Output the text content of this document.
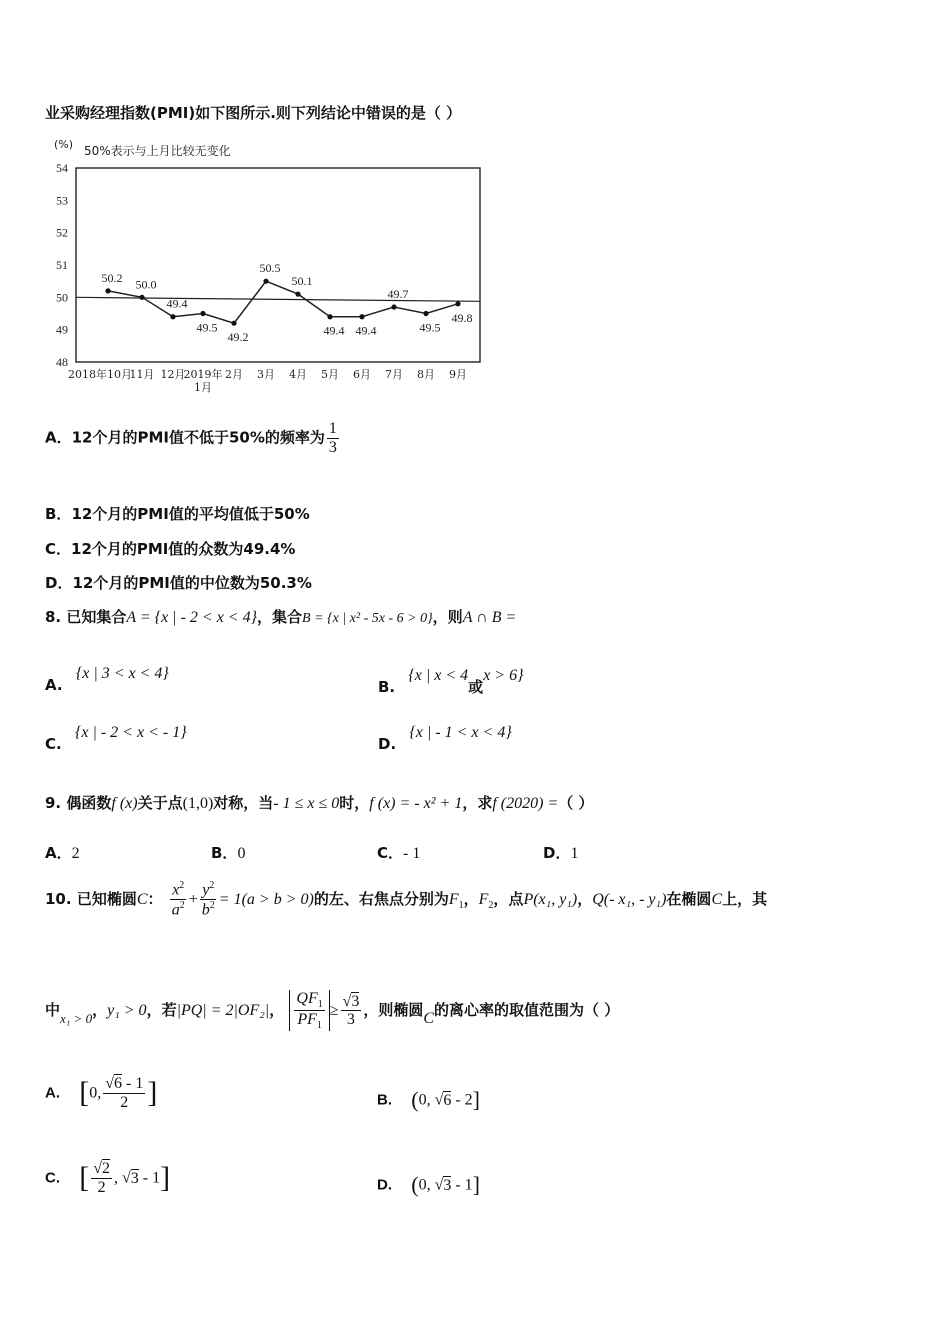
业采购经理指数(PMI)如下图所示.则下列结论中错误的是（ ）
(%) 50%表示与上月比较无变化
54
53
52
51
50
49
48
50.2 50.0
49.4
49.5
49.2
50.5
50.1
49.4 49.4
49.7
49.5
49.8
2018年10月
11月 12月
2019年 2月 3月 4月 5月 6月 7月 8月 9月
1月
A．12个月的PMI值不低于50%的频率为 $\frac{1}{3}$
B．12个月的PMI值的平均值低于50%
C．12个月的PMI值的众数为49.4%
D．12个月的PMI值的中位数为50.3%
8. 已知集合A = {x | - 2 < x < 4}，集合B = {x | x² - 5x - 6 > 0}，则A ∩ B =
A. {x | 3 < x < 4}
B. {x | x < 4或x > 6}
C. {x | - 2 < x < - 1}
D. {x | - 1 < x < 4}
9. 偶函数f (x)关于点(1,0)对称，当- 1 ≤ x ≤ 0时，f (x) = - x² + 1，求f (2020) =（ ）
A．2	B．0	C．- 1	D．1
10. 已知椭圆C： $\frac{x^2}{a^2} + \frac{y^2}{b^2} = 1(a > b > 0)$的左、右焦点分别为$F_1$，$F_2$，点P(x₁, y₁)，Q(- x₁, - y₁)在椭圆C上，其
中x₁ > 0，y₁ > 0，若|PQ| = 2|OF₂|， $\frac{QF_1}{PF_1} \ge \frac{√3}{3}$ ，则椭圆C的离心率的取值范围为（ ）
A. [0, $\frac{√6 - 1}{2}$ ]	B. (0, √6 - 2]
C. [ $\frac{√2}{2}$ , √3 - 1]	D. (0, √3 - 1]
